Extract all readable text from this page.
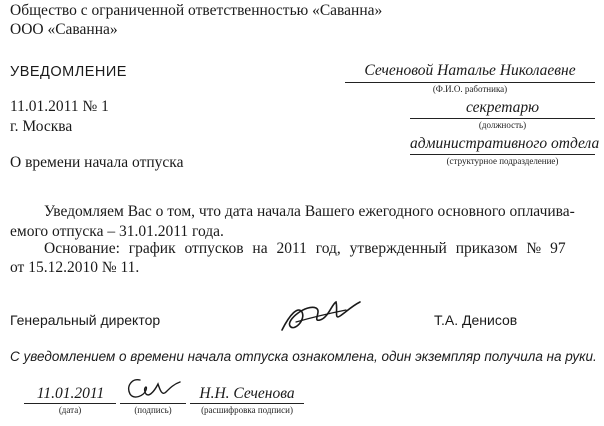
Общество с ограниченной ответственностью «Саванна»
ООО «Саванна»
УВЕДОМЛЕНИЕ
11.01.2011 № 1
г. Москва
О времени начала отпуска
Сеченовой Наталье Николаевне
(Ф.И.О. работника)
секретарю
(должность)
административного отдела
(структурное подразделение)
Уведомляем Вас о том, что дата начала Вашего ежегодного основного оплачива-
емого отпуска – 31.01.2011 года.
Основание: график отпусков на 2011 год, утвержденный приказом № 97
от 15.12.2010 № 11.
Генеральный директор	Т.А. Денисов
С уведомлением о времени начала отпуска ознакомлена, один экземпляр получила на руки.
11.01.2011
(дата)	(подпись)
Н.Н. Сеченова
(расшифровка подписи)
